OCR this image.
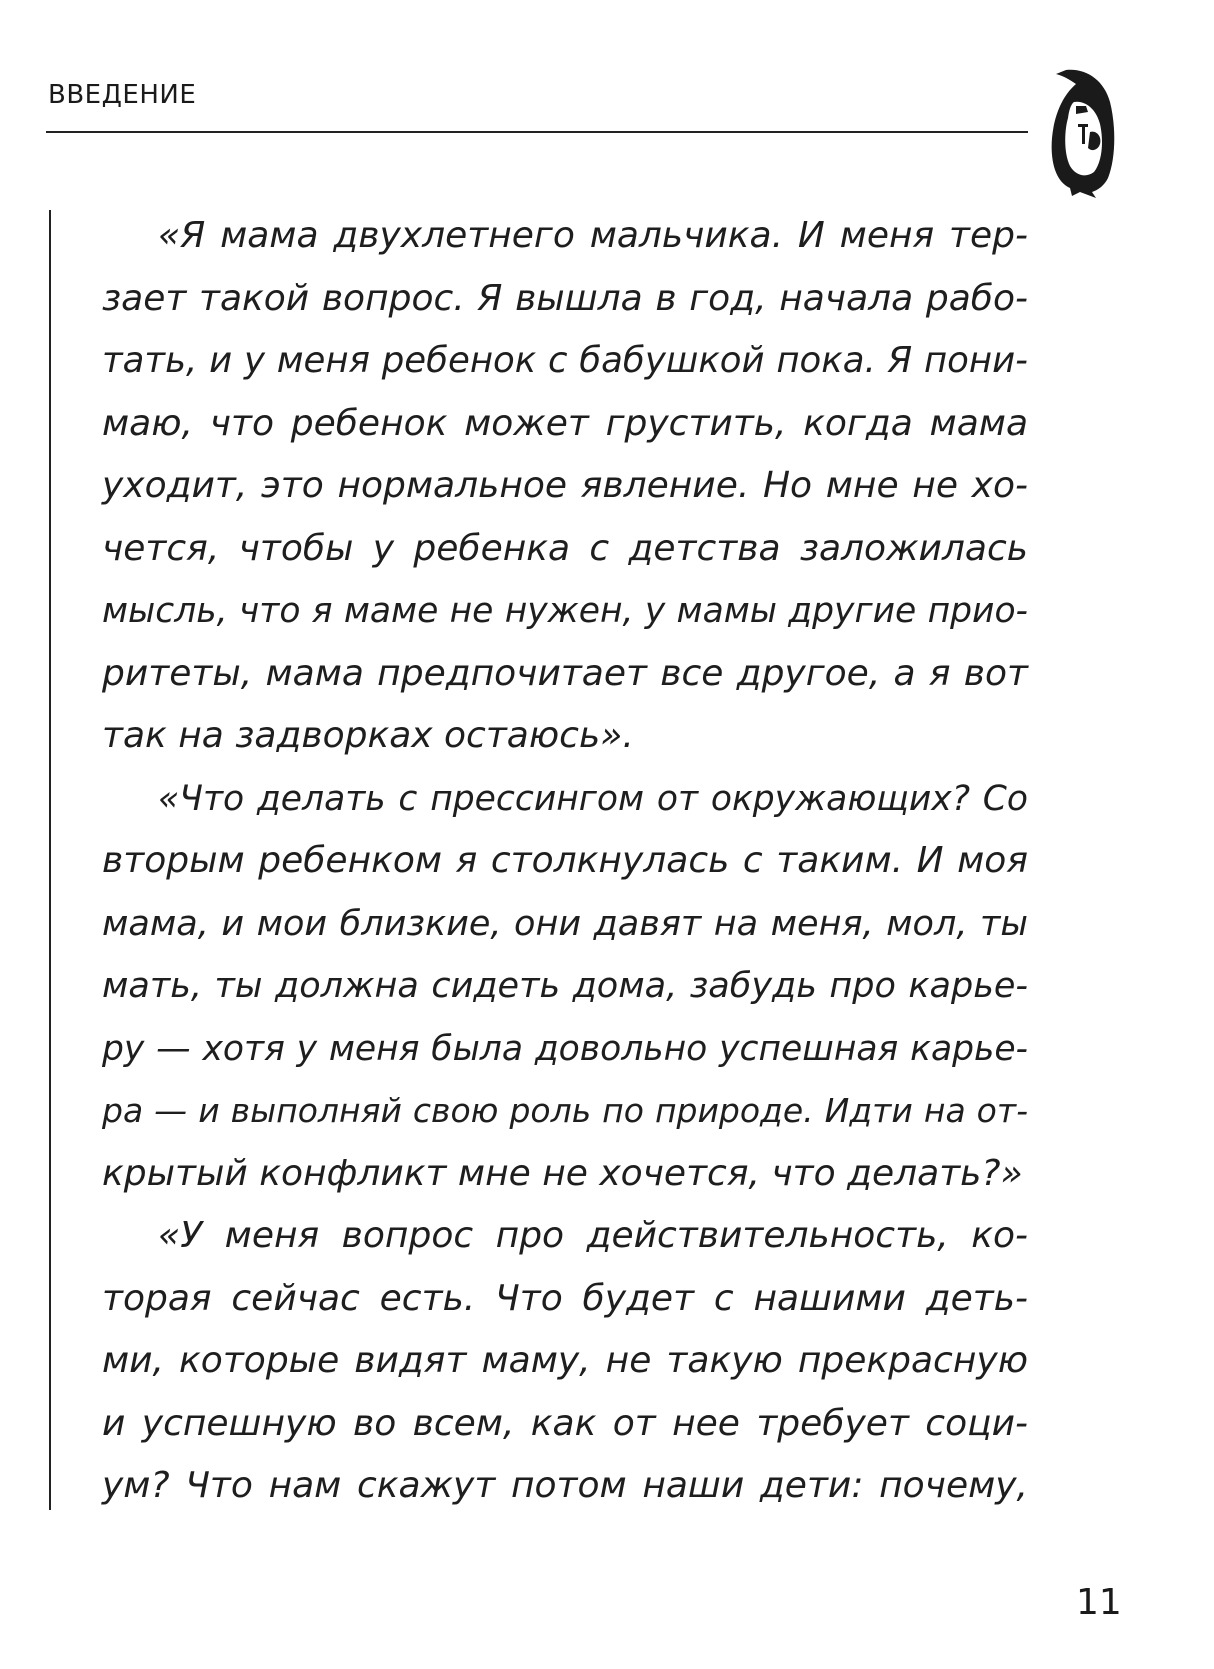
ВВЕДЕНИЕ
«Я мама двухлетнего мальчика. И меня тер-
зает такой вопрос. Я вышла в год, начала рабо-
тать, и у меня ребенок с бабушкой пока. Я пони-
маю, что ребенок может грустить, когда мама
уходит, это нормальное явление. Но мне не хо-
чется, чтобы у ребенка с детства заложилась
мысль, что я маме не нужен, у мамы другие прио-
ритеты, мама предпочитает все другое, а я вот
так на задворках остаюсь».
«Что делать с прессингом от окружающих? Со
вторым ребенком я столкнулась с таким. И моя
мама, и мои близкие, они давят на меня, мол, ты
мать, ты должна сидеть дома, забудь про карье-
ру — хотя у меня была довольно успешная карье-
ра — и выполняй свою роль по природе. Идти на от-
крытый конфликт мне не хочется, что делать?»
«У меня вопрос про действительность, ко-
торая сейчас есть. Что будет с нашими деть-
ми, которые видят маму, не такую прекрасную
и успешную во всем, как от нее требует соци-
ум? Что нам скажут потом наши дети: почему,
11
